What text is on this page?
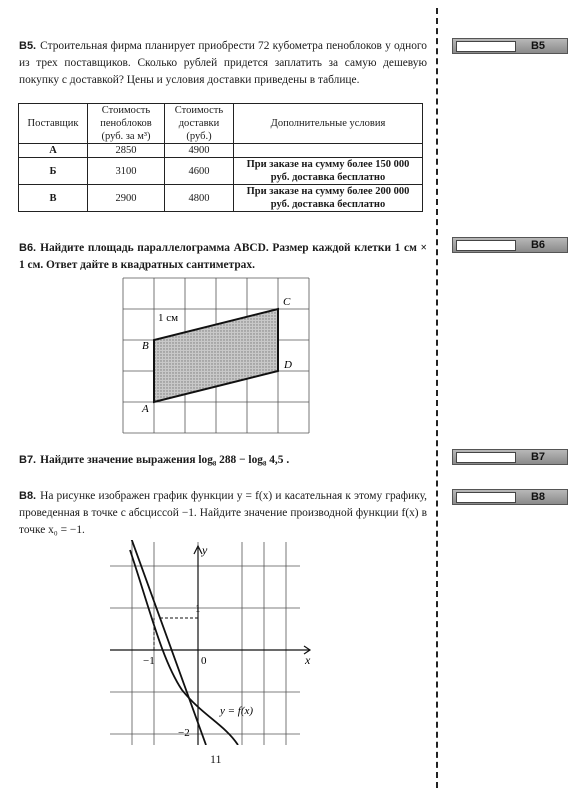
B5
B6
B7
B8
B5. Строительная фирма планирует приобрести 72 кубометра пеноблоков у одного из трех поставщиков. Сколько рублей придется заплатить за самую дешевую покупку с доставкой? Цены и условия доставки приведены в таблице.
Поставщик	Стоимость пеноблоков (руб. за м³)	Стоимость доставки (руб.)	Дополнительные условия
А	2850	4900	
Б	3100	4600	При заказе на сумму более 150 000 руб. доставка бесплатно
В	2900	4800	При заказе на сумму более 200 000 руб. доставка бесплатно
B6. Найдите площадь параллелограмма ABCD. Размер каждой клетки 1 см × 1 см. Ответ дайте в квадратных сантиметрах.
1 см
A
B
C
D
B7. Найдите значение выражения log₈ 288 − log₈ 4,5 .
B8. На рисунке изображен график функции y = f(x) и касательная к этому графику, проведенная в точке с абсциссой −1. Найдите значение производной функции f(x) в точке x₀ = −1.
x
y
1
−1	0
−2
y = f(x)
11
